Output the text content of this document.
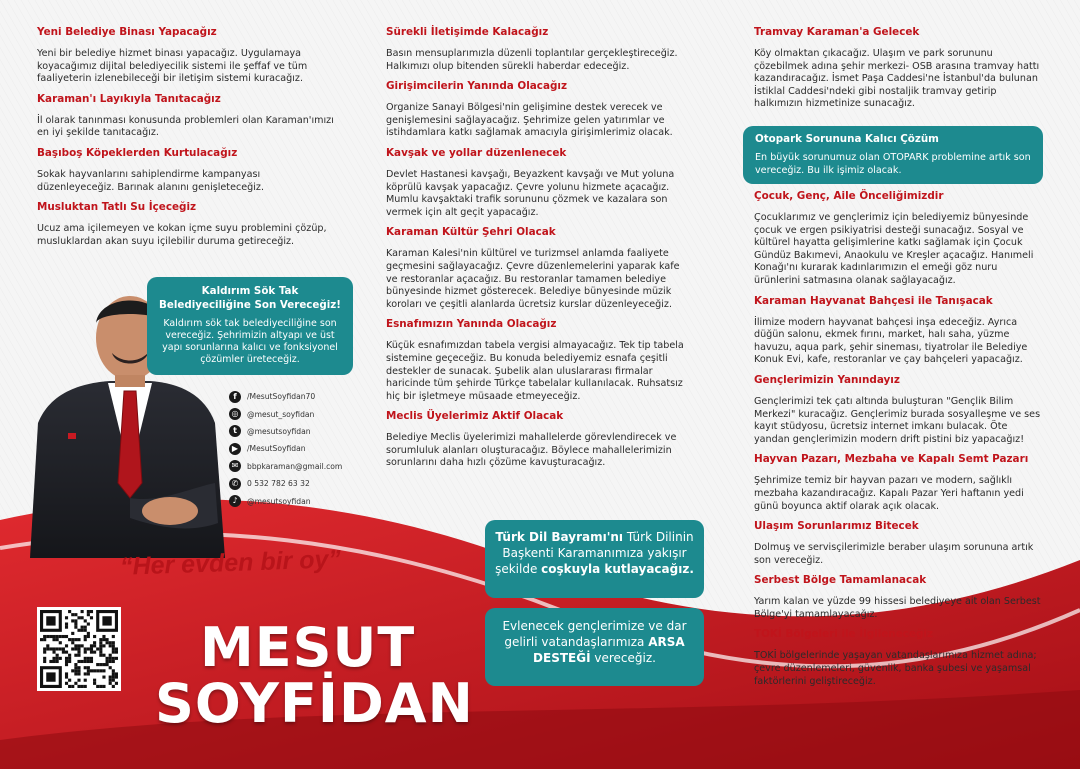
Yeni Belediye Binası Yapacağız
Yeni bir belediye hizmet binası yapacağız. Uygulamaya koyacağımız dijital belediyecilik sistemi ile şeffaf ve tüm faaliyeterin izlenebileceği bir iletişim sistemi kuracağız.
Karaman'ı Layıkıyla Tanıtacağız
İl olarak tanınması konusunda problemleri olan Karaman'ımızı en iyi şekilde tanıtacağız.
Başıboş Köpeklerden Kurtulacağız
Sokak hayvanlarını sahiplendirme kampanyası düzenleyeceğiz. Barınak alanını genişleteceğiz.
Musluktan Tatlı Su İçeceğiz
Ucuz ama içilemeyen ve kokan içme suyu problemini çözüp, musluklardan akan suyu içilebilir duruma getireceğiz.
Sürekli İletişimde Kalacağız
Basın mensuplarımızla düzenli toplantılar gerçekleştireceğiz. Halkımızı olup bitenden sürekli haberdar edeceğiz.
Girişimcilerin Yanında Olacağız
Organize Sanayi Bölgesi'nin gelişimine destek verecek ve genişlemesini sağlayacağız. Şehrimize gelen yatırımlar ve istihdamlara katkı sağlamak amacıyla girişimlerimiz olacak.
Kavşak ve yollar düzenlenecek
Devlet Hastanesi kavşağı, Beyazkent kavşağı ve Mut yoluna köprülü kavşak yapacağız. Çevre yolunu hizmete açacağız. Mumlu kavşaktaki trafik sorununu çözmek ve kazalara son vermek için alt geçit yapacağız.
Karaman Kültür Şehri Olacak
Karaman Kalesi'nin kültürel ve turizmsel anlamda faaliyete geçmesini sağlayacağız. Çevre düzenlemelerini yaparak kafe ve restoranlar açacağız. Bu restoranlar tamamen belediye bünyesinde hizmet gösterecek. Belediye bünyesinde müzik koroları ve çeşitli alanlarda ücretsiz kurslar düzenleyeceğiz.
Esnafımızın Yanında Olacağız
Küçük esnafımızdan tabela vergisi almayacağız. Tek tip tabela sistemine geçeceğiz. Bu konuda belediyemiz esnafa çeşitli destekler de sunacak. Şubelik alan uluslararası firmalar haricinde tüm şehirde Türkçe tabelalar kullanılacak. Ruhsatsız hiç bir işletmeye müsaade etmeyeceğiz.
Meclis Üyelerimiz Aktif Olacak
Belediye Meclis üyelerimizi mahallelerde görevlendirecek ve sorumluluk alanları oluşturacağız. Böylece mahallelerimizin sorunlarını daha hızlı çözüme kavuşturacağız.
Tramvay Karaman'a Gelecek
Köy olmaktan çıkacağız. Ulaşım ve park sorununu çözebilmek adına şehir merkezi- OSB arasına tramvay hattı kazandıracağız. İsmet Paşa Caddesi'ne İstanbul'da bulunan İstiklal Caddesi'ndeki gibi nostaljik tramvay getirip halkımızın hizmetinize sunacağız.
Çocuk, Genç, Aile Önceliğimizdir
Çocuklarımız ve gençlerimiz için belediyemiz bünyesinde çocuk ve ergen psikiyatrisi desteği sunacağız. Sosyal ve kültürel hayatta gelişimlerine katkı sağlamak için Çocuk Gündüz Bakımevi, Anaokulu ve Kreşler açacağız. Hanımeli Konağı'nı kurarak kadınlarımızın el emeği göz nuru ürünlerini satmasına olanak sağlayacağız.
Karaman Hayvanat Bahçesi ile Tanışacak
İlimize modern hayvanat bahçesi inşa edeceğiz. Ayrıca düğün salonu, ekmek fırını, market, halı saha, yüzme havuzu, aqua park, şehir sineması, tiyatrolar ile Belediye Konuk Evi, kafe, restoranlar ve çay bahçeleri yapacağız.
Gençlerimizin Yanındayız
Gençlerimizi tek çatı altında buluşturan "Gençlik Bilim Merkezi" kuracağız. Gençlerimiz burada sosyalleşme ve ses kayıt stüdyosu, ücretsiz internet imkanı bulacak. Öte yandan gençlerimizin modern drift pistini biz yapacağız!
Hayvan Pazarı, Mezbaha ve Kapalı Semt Pazarı
Şehrimize temiz bir hayvan pazarı ve modern, sağlıklı mezbaha kazandıracağız. Kapalı Pazar Yeri haftanın yedi günü boyunca aktif olarak açık olacak.
Ulaşım Sorunlarımız Bitecek
Dolmuş ve servisçilerimizle beraber ulaşım sorununa artık son vereceğiz.
Serbest Bölge Tamamlanacak
Yarım kalan ve yüzde 99 hissesi belediyeye ait olan Serbest Bölge'yi tamamlayacağız.
TOKİ Bölgeleri ile İlgileneceğiz
TOKİ bölgelerinde yaşayan vatandaşlarımıza hizmet adına; çevre düzenlemeleri, güvenlik, banka şubesi ve yaşamsal faktörlerini geliştireceğiz.
Otopark Sorununa Kalıcı Çözüm
En büyük sorunumuz olan OTOPARK problemine artık son vereceğiz. Bu ilk işimiz olacak.
Kaldırım Sök Tak Belediyeciliğine Son Vereceğiz!
Kaldırım sök tak belediyeciliğine son vereceğiz. Şehrimizin altyapı ve üst yapı sorunlarına kalıcı ve fonksiyonel çözümler üreteceğiz.
f	/MesutSoyfidan70
◎	@mesut_soyfidan
t	@mesutsoyfidan
▶	/MesutSoyfidan
✉	bbpkaraman@gmail.com
✆	0 532 782 63 32
♪	@mesutsoyfidan
Türk Dil Bayramı'nı Türk Dilinin Başkenti Karamanımıza yakışır şekilde coşkuyla kutlayacağız.
Evlenecek gençlerimize ve dar gelirli vatandaşlarımıza ARSA DESTEĞİ vereceğiz.
“Her evden bir oy”
MESUT
SOYFİDAN
